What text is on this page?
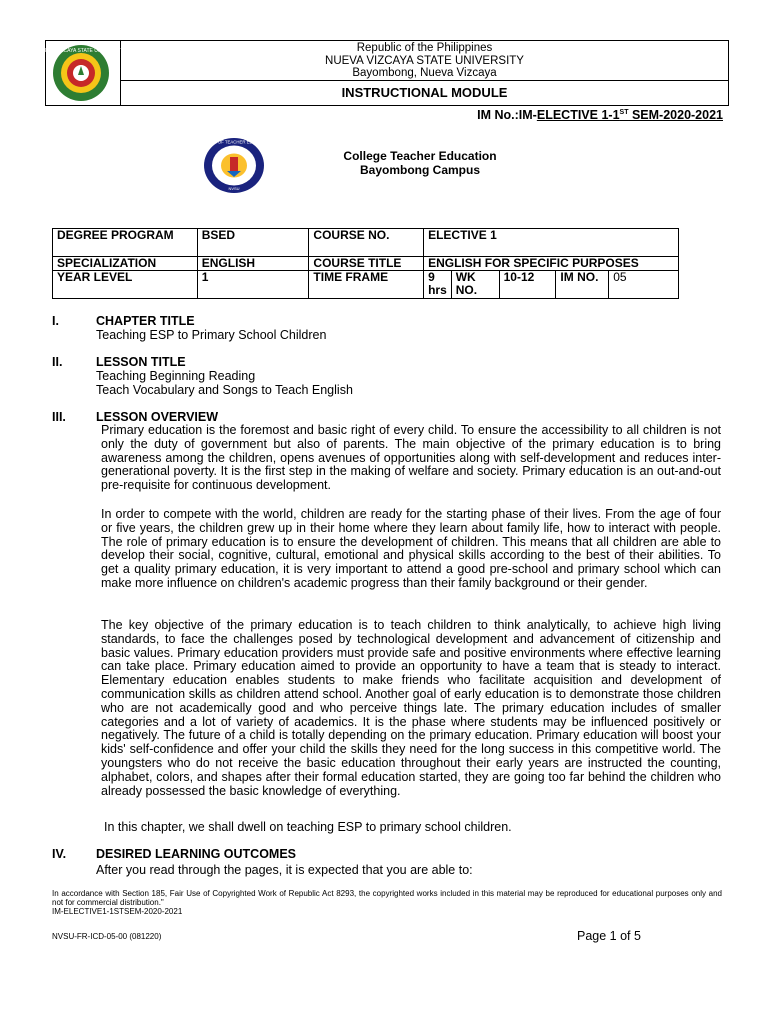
NUEVA VIZCAYA STATE UNIVERSITY	Republic of the Philippines
NUEVA VIZCAYA STATE UNIVERSITY
Bayombong, Nueva Vizcaya
INSTRUCTIONAL MODULE
IM No.:IM-ELECTIVE 1-1ST SEM-2020-2021
COLLEGE OF TEACHER EDUCATION
NVSU
College Teacher Education
Bayombong Campus
DEGREE PROGRAM	BSED	COURSE NO.	ELECTIVE 1				
SPECIALIZATION	ENGLISH	COURSE TITLE	ENGLISH FOR SPECIFIC PURPOSES				
YEAR LEVEL	1	TIME FRAME	9 hrs	WK NO.	10-12	IM NO.	05
I.	CHAPTER TITLE
Teaching ESP to Primary School Children
II.	LESSON TITLE
Teaching Beginning Reading
Teach Vocabulary and Songs to Teach English
III. LESSON OVERVIEW
Primary education is the foremost and basic right of every child. To ensure the accessibility to all children is not only the duty of government but also of parents. The main objective of the primary education is to bring awareness among the children, opens avenues of opportunities along with self-development and reduces inter-generational poverty. It is the first step in the making of welfare and society. Primary education is an out-and-out pre-requisite for continuous development.
In order to compete with the world, children are ready for the starting phase of their lives. From the age of four or five years, the children grew up in their home where they learn about family life, how to interact with people. The role of primary education is to ensure the development of children. This means that all children are able to develop their social, cognitive, cultural, emotional and physical skills according to the best of their abilities. To get a quality primary education, it is very important to attend a good pre-school and primary school which can make more influence on children's academic progress than their family background or their gender.
The key objective of the primary education is to teach children to think analytically, to achieve high living standards, to face the challenges posed by technological development and advancement of citizenship and basic values. Primary education providers must provide safe and positive environments where effective learning can take place. Primary education aimed to provide an opportunity to have a team that is steady to interact. Elementary education enables students to make friends who facilitate acquisition and development of communication skills as children attend school. Another goal of early education is to demonstrate those children who are not academically good and who perceive things late. The primary education includes of smaller categories and a lot of variety of academics. It is the phase where students may be influenced positively or negatively. The future of a child is totally depending on the primary education. Primary education will boost your kids' self-confidence and offer your child the skills they need for the long success in this competitive world. The youngsters who do not receive the basic education throughout their early years are instructed the counting, alphabet, colors, and shapes after their formal education started, they are going too far behind the children who already possessed the basic knowledge of everything.
In this chapter, we shall dwell on teaching ESP to primary school children.
IV. DESIRED LEARNING OUTCOMES
After you read through the pages, it is expected that you are able to:
In accordance with Section 185, Fair Use of Copyrighted Work of Republic Act 8293, the copyrighted works included in this material may be reproduced for educational purposes only and not for commercial distribution."
IM-ELECTIVE1-1STSEM-2020-2021
NVSU-FR-ICD-05-00 (081220)	Page 1 of 5
